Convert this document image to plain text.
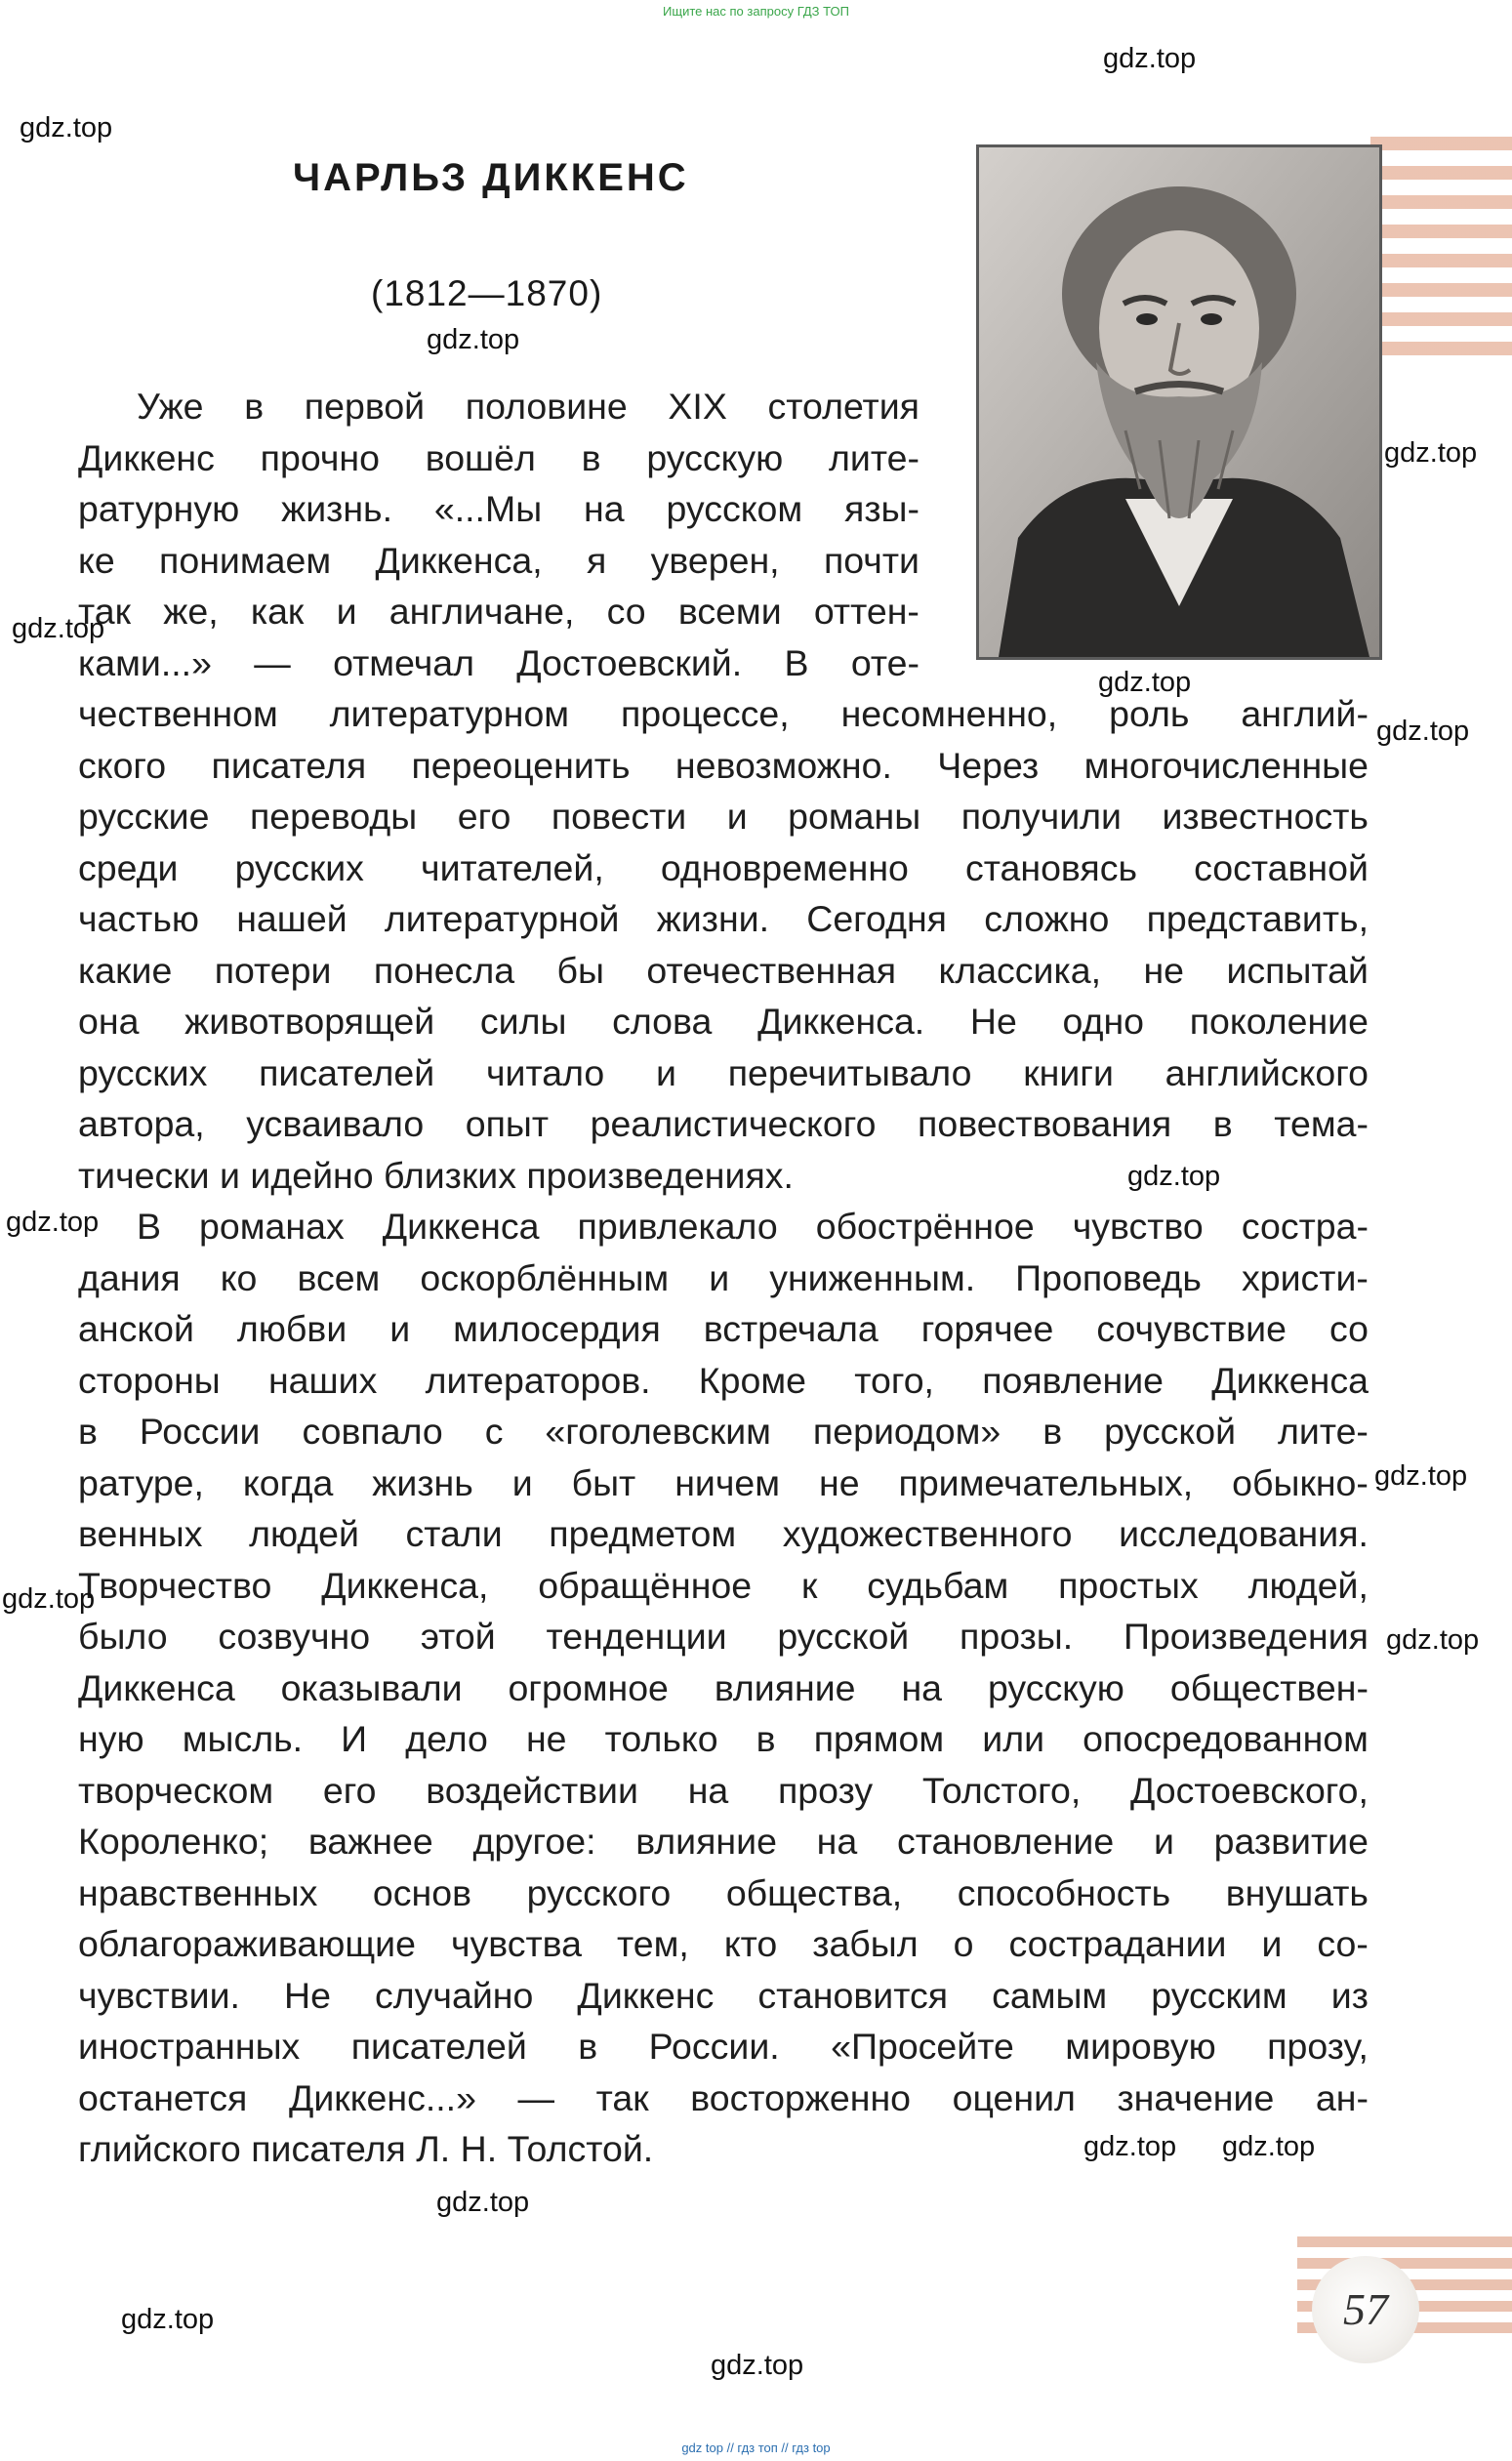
Ищите нас по запросу ГДЗ ТОП
ЧАРЛЬЗ ДИККЕНС
(1812—1870)
Уже в первой половине XIX столетия
Диккенс прочно вошёл в русскую лите-
ратурную жизнь. «...Мы на русском язы-
ке понимаем Диккенса, я уверен, почти
так же, как и англичане, со всеми оттен-
ками...» — отмечал Достоевский. В оте-
чественном литературном процессе, несомненно, роль англий-
ского писателя переоценить невозможно. Через многочисленные
русские переводы его повести и романы получили известность
среди русских читателей, одновременно становясь составной
частью нашей литературной жизни. Сегодня сложно представить,
какие потери понесла бы отечественная классика, не испытай
она животворящей силы слова Диккенса. Не одно поколение
русских писателей читало и перечитывало книги английского
автора, усваивало опыт реалистического повествования в тема-
тически и идейно близких произведениях.
В романах Диккенса привлекало обострённое чувство сострa-
дания ко всем оскорблённым и униженным. Проповедь христи-
анской любви и милосердия встречала горячее сочувствие со
стороны наших литераторов. Кроме того, появление Диккенса
в России совпало с «гоголевским периодом» в русской лите-
ратуре, когда жизнь и быт ничем не примечательных, обыкно-
венных людей стали предметом художественного исследования.
Творчество Диккенса, обращённое к судьбам простых людей,
было созвучно этой тенденции русской прозы. Произведения
Диккенса оказывали огромное влияние на русскую обществен-
ную мысль. И дело не только в прямом или опосредованном
творческом его воздействии на прозу Толстого, Достоевского,
Короленко; важнее другое: влияние на становление и развитие
нравственных основ русского общества, способность внушать
облагораживающие чувства тем, кто забыл о сострадании и со-
чувствии. Не случайно Диккенс становится самым русским из
иностранных писателей в России. «Просейте мировую прозу,
останется Диккенс...» — так восторженно оценил значение ан-
глийского писателя Л. Н. Толстой.
gdz.top
gdz.top
gdz.top
gdz.top
gdz.top
gdz.top
gdz.top
gdz.top
gdz.top
gdz.top
gdz.top
gdz.top
gdz.top
gdz.top
gdz.top
gdz.top
gdz.top
57
gdz top // гдз топ // гдз top
